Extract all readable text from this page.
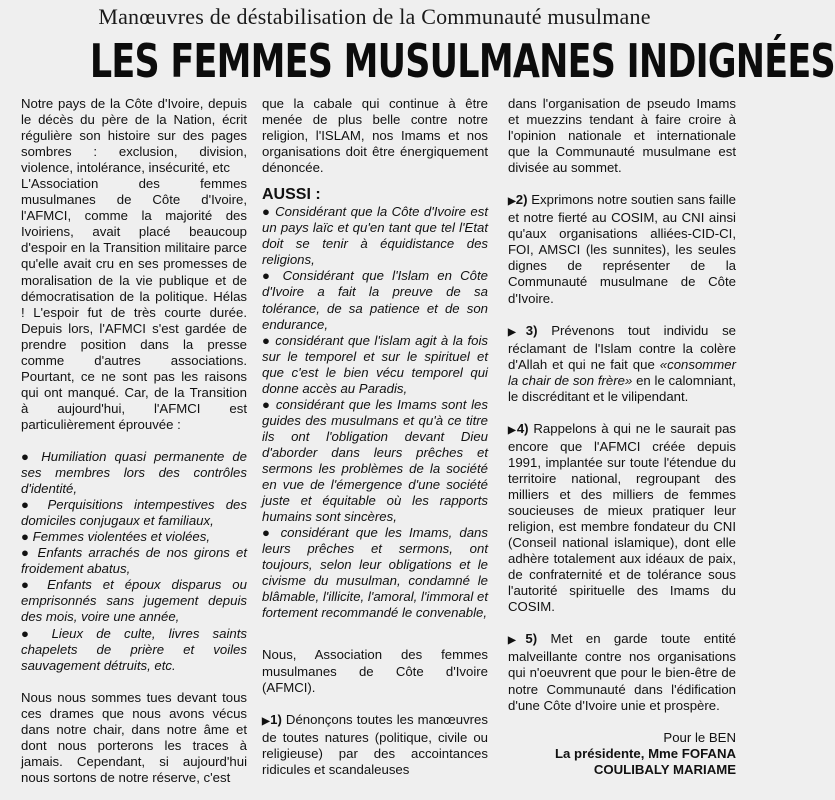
Manœuvres de déstabilisation de la Communauté musulmane
LES FEMMES MUSULMANES INDIGNÉES

Notre pays de la Côte d'Ivoire, depuis le décès du père de la Nation, écrit régulière son histoire sur des pages sombres : exclusion, division, violence, intolérance, insécurité, etc

L'Association des femmes musulmanes de Côte d'Ivoire, l'AFMCI, comme la majorité des Ivoiriens, avait placé beaucoup d'espoir en la Transition militaire parce qu'elle avait cru en ses promesses de moralisation de la vie publique et de démocratisation de la politique. Hélas ! L'espoir fut de très courte durée. Depuis lors, l'AFMCI s'est gardée de prendre position dans la presse comme d'autres associations. Pourtant, ce ne sont pas les raisons qui ont manqué. Car, de la Transition à aujourd'hui, l'AFMCI est particulièrement éprouvée :

● Humiliation quasi permanente de ses membres lors des contrôles d'identité,

● Perquisitions intempestives des domiciles conjugaux et familiaux,

● Femmes violentées et violées,

● Enfants arrachés de nos girons et froidement abatus,

● Enfants et époux disparus ou emprisonnés sans jugement depuis des mois, voire une année,

● Lieux de culte, livres saints chapelets de prière et voiles sauvagement détruits, etc.

Nous nous sommes tues devant tous ces drames que nous avons vécus dans notre chair, dans notre âme et dont nous porterons les traces à jamais. Cependant, si aujourd'hui nous sortons de notre réserve, c'est

que la cabale qui continue à être menée de plus belle contre notre religion, l'ISLAM, nos Imams et nos organisations doit être énergiquement dénoncée.

AUSSI :

● Considérant que la Côte d'Ivoire est un pays laïc et qu'en tant que tel l'Etat doit se tenir à équidistance des religions,

● Considérant que l'Islam en Côte d'Ivoire a fait la preuve de sa tolérance, de sa patience et de son endurance,

● considérant que l'islam agit à la fois sur le temporel et sur le spirituel et que c'est le bien vécu temporel qui donne accès au Paradis,

● considérant que les Imams sont les guides des musulmans et qu'à ce titre ils ont l'obligation devant Dieu d'aborder dans leurs prêches et sermons les problèmes de la société en vue de l'émergence d'une société juste et équitable où les rapports humains sont sincères,

● considérant que les Imams, dans leurs prêches et sermons, ont toujours, selon leur obligations et le civisme du musulman, condamné le blâmable, l'illicite, l'amoral, l'immoral et fortement recommandé le convenable,

Nous, Association des femmes musulmanes de Côte d'Ivoire (AFMCI).

▶ 1) Dénonçons toutes les manœuvres de toutes natures (politique, civile ou religieuse) par des accointances ridicules et scandaleuses

dans l'organisation de pseudo Imams et muezzins tendant à faire croire à l'opinion nationale et internationale que la Communauté musulmane est divisée au sommet.

▶ 2) Exprimons notre soutien sans faille et notre fierté au COSIM, au CNI ainsi qu'aux organisations alliées-CID-CI, FOI, AMSCI (les sunnites), les seules dignes de représenter de la Communauté musulmane de Côte d'Ivoire.

▶ 3) Prévenons tout individu se réclamant de l'Islam contre la colère d'Allah et qui ne fait que «consommer la chair de son frère» en le calomniant, le discréditant et le vilipendant.

▶ 4) Rappelons à qui ne le saurait pas encore que l'AFMCI créée depuis 1991, implantée sur toute l'étendue du territoire national, regroupant des milliers et des milliers de femmes soucieuses de mieux pratiquer leur religion, est membre fondateur du CNI (Conseil national islamique), dont elle adhère totalement aux idéaux de paix, de confraternité et de tolérance sous l'autorité spirituelle des Imams du COSIM.

▶ 5) Met en garde toute entité malveillante contre nos organisations qui n'oeuvrent que pour le bien-être de notre Communauté dans l'édification d'une Côte d'Ivoire unie et prospère.

Pour le BEN

La présidente, Mme FOFANA

COULIBALY MARIAME
